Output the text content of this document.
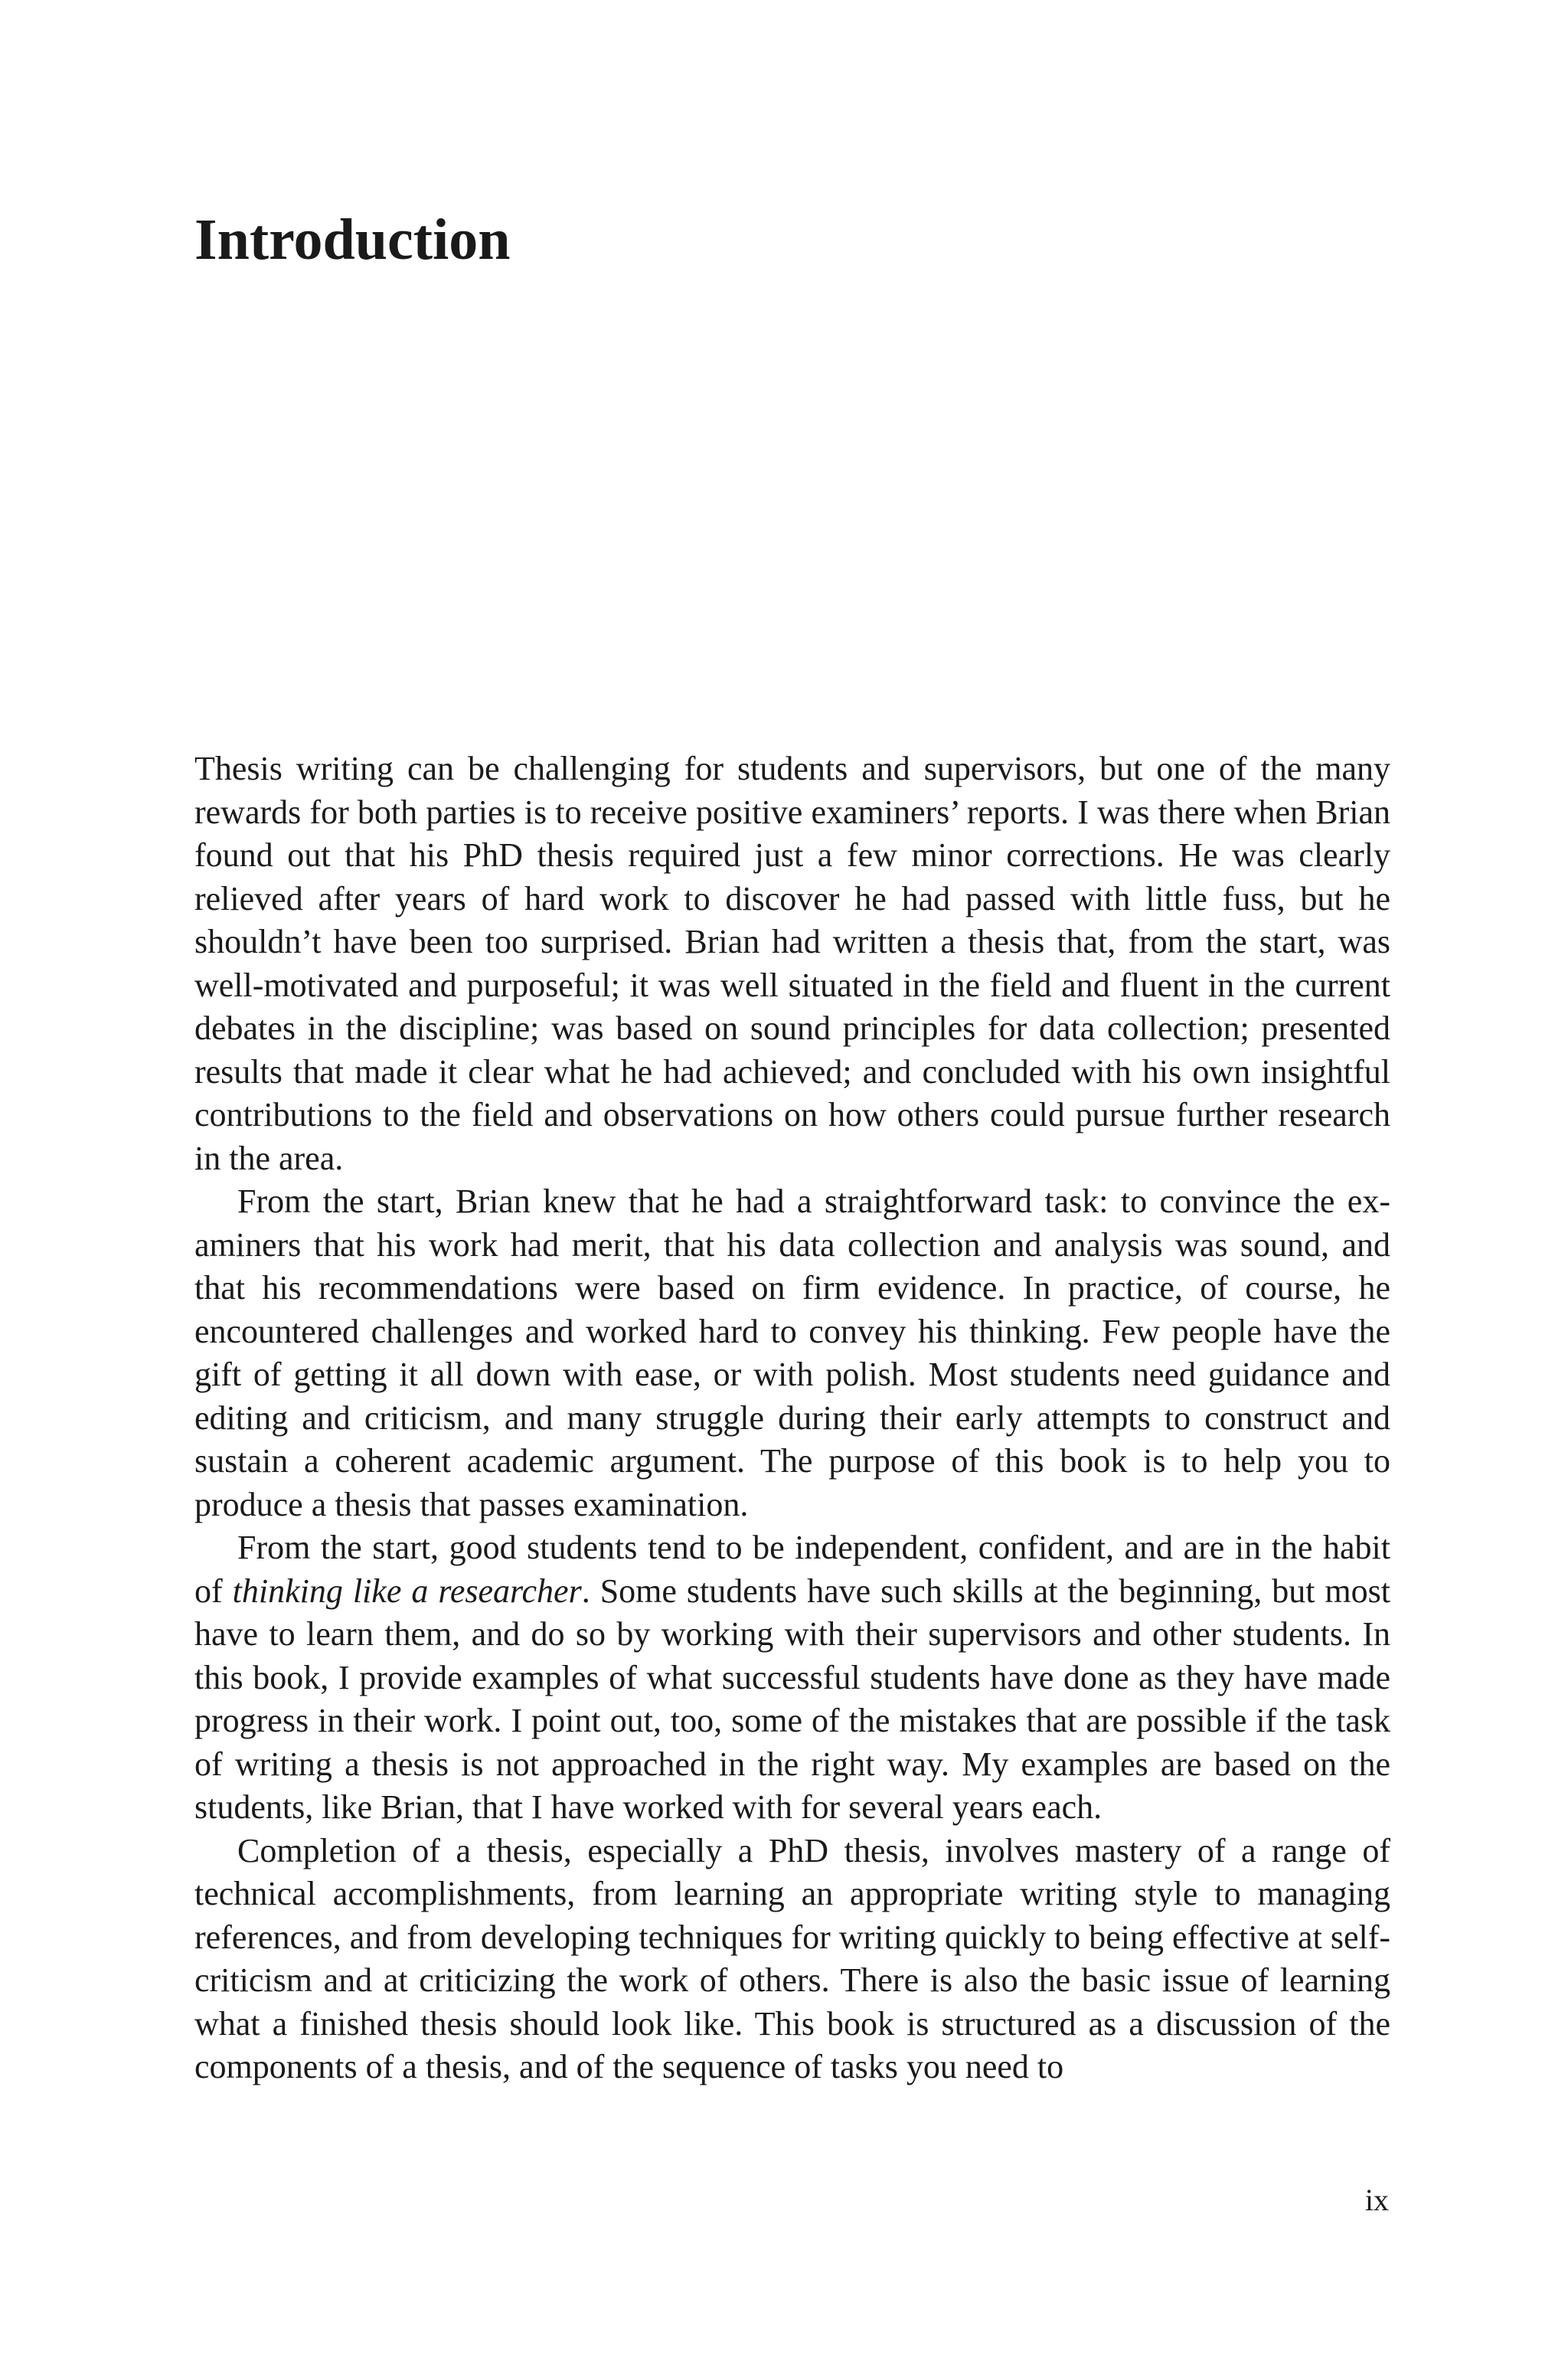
Introduction

Thesis writing can be challenging for students and supervisors, but one of the many rewards for both parties is to receive positive examiners’ reports. I was there when Brian found out that his PhD thesis required just a few minor corrections. He was clearly relieved after years of hard work to discover he had passed with little fuss, but he shouldn’t have been too surprised. Brian had written a thesis that, from the start, was well-motivated and purposeful; it was well situated in the field and fluent in the current debates in the discipline; was based on sound principles for data collection; presented results that made it clear what he had achieved; and concluded with his own insightful contributions to the field and observations on how others could pursue further research in the area.

From the start, Brian knew that he had a straightforward task: to convince the examiners that his work had merit, that his data collection and analysis was sound, and that his recommendations were based on firm evidence. In practice, of course, he encountered challenges and worked hard to convey his thinking. Few people have the gift of getting it all down with ease, or with polish. Most students need guidance and editing and criticism, and many struggle during their early attempts to construct and sustain a coherent academic argument. The purpose of this book is to help you to produce a thesis that passes examination.

From the start, good students tend to be independent, confident, and are in the habit of thinking like a researcher. Some students have such skills at the beginning, but most have to learn them, and do so by working with their supervisors and other students. In this book, I provide examples of what successful students have done as they have made progress in their work. I point out, too, some of the mistakes that are possible if the task of writing a thesis is not approached in the right way. My examples are based on the students, like Brian, that I have worked with for several years each.

Completion of a thesis, especially a PhD thesis, involves mastery of a range of technical accomplishments, from learning an appropriate writing style to managing references, and from developing techniques for writing quickly to being effective at self-criticism and at criticizing the work of others. There is also the basic issue of learning what a finished thesis should look like. This book is structured as a discussion of the components of a thesis, and of the sequence of tasks you need to

ix
